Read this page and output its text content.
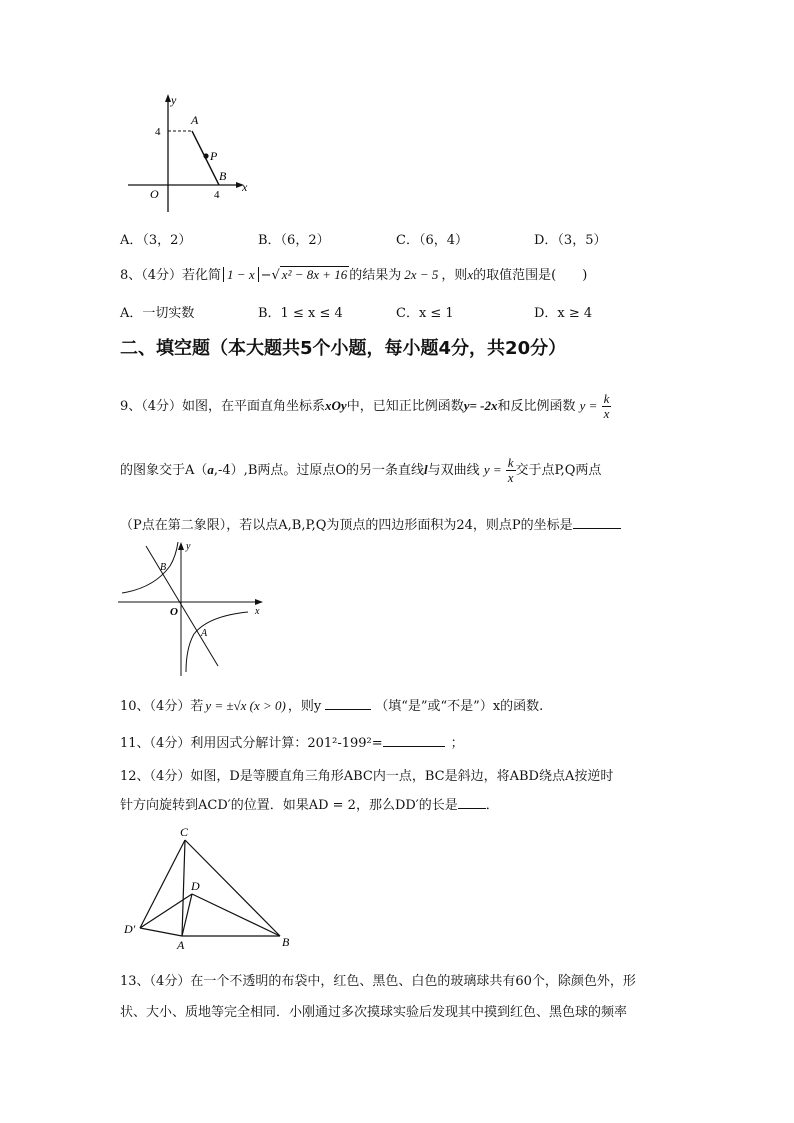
y
x
O
4
4
A
P
B
A．（3，2）	B．（6，2）	C．（6，4）	D．（3，5）
8、（4分）若化简 1 − x −√ x² − 8x + 16 的结果为 2x − 5 ，则x的取值范围是(　　)
A．一切实数	B．1 ≤ x ≤ 4	C．x ≤ 1	D．x ≥ 4
二、填空题（本大题共5个小题，每小题4分，共20分）
9、（4分）如图，在平面直角坐标系xOy中，已知正比例函数y= -2x和反比例函数 $y = \frac{k}{x}$
的图象交于A（a,-4）,B两点。过原点O的另一条直线l与双曲线 $y = \frac{k}{x}$ 交于点P,Q两点
（P点在第二象限），若以点A,B,P,Q为顶点的四边形面积为24，则点P的坐标是
y
x
O
B
A
10、（4分）若 y = ±√x (x > 0) ，则y	（填“是”或“不是”）x的函数.
11、（4分）利用因式分解计算：201²-199²=	；
12、（4分）如图，D是等腰直角三角形ABC内一点，BC是斜边，将ABD绕点A按逆时
针方向旋转到ACD′的位置．如果AD = 2，那么DD′的长是 ．
C
D
D′
A	B
13、（4分）在一个不透明的布袋中，红色、黑色、白色的玻璃球共有60个，除颜色外，形
状、大小、质地等完全相同．小刚通过多次摸球实验后发现其中摸到红色、黑色球的频率
